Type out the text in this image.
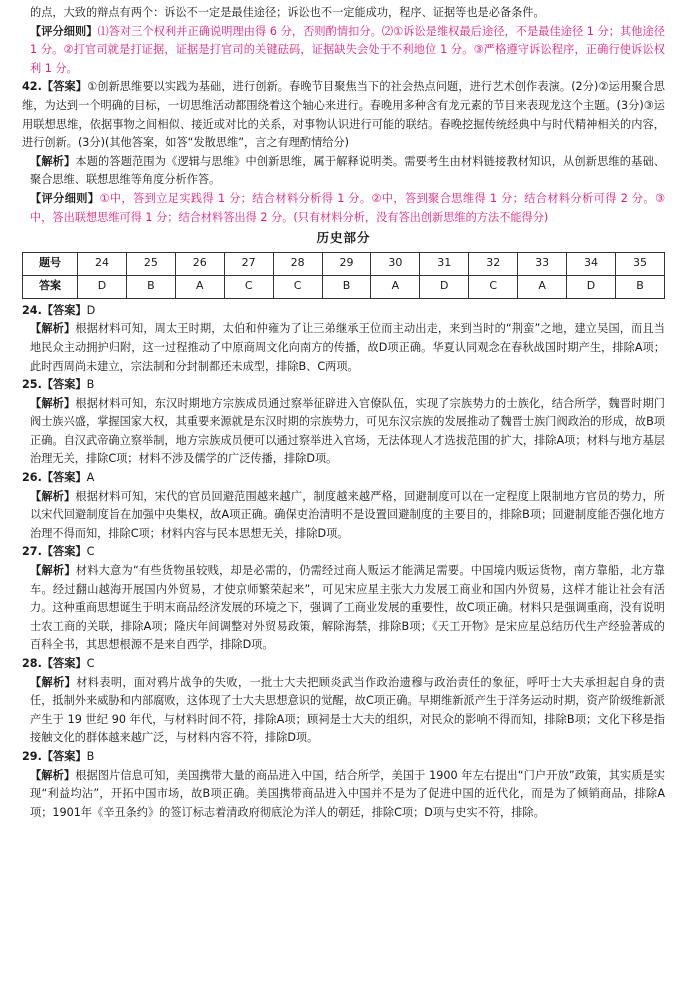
的点，大致的辩点有两个：诉讼不一定是最佳途径；诉讼也不一定能成功，程序、证据等也是必备条件。

【评分细则】⑴答对三个权利并正确说明理由得 6 分，否则酌情扣分。⑵①诉讼是维权最后途径，不是最佳途径 1 分；其他途径 1 分。②打官司就是打证据，证据是打官司的关键砝码，证据缺失会处于不利地位 1 分。③严格遵守诉讼程序，正确行使诉讼权利 1 分。

42.【答案】①创新思维要以实践为基础，进行创新。春晚节目聚焦当下的社会热点问题，进行艺术创作表演。(2分)②运用聚合思维，为达到一个明确的目标，一切思维活动都围绕着这个轴心来进行。春晚用多种含有龙元素的节目来表现龙这个主题。(3分)③运用联想思维，依据事物之间相似、接近或对比的关系，对事物认识进行可能的联结。春晚挖掘传统经典中与时代精神相关的内容，进行创新。(3分)(其他答案，如答“发散思维”，言之有理酌情给分)

【解析】本题的答题范围为《逻辑与思维》中创新思维，属于解释说明类。需要考生由材料链接教材知识，从创新思维的基础、聚合思维、联想思维等角度分析作答。

【评分细则】①中，答到立足实践得 1 分；结合材料分析得 1 分。②中，答到聚合思维得 1 分；结合材料分析可得 2 分。③中，答出联想思维可得 1 分；结合材料答出得 2 分。(只有材料分析，没有答出创新思维的方法不能得分)

历史部分
题号	24	25	26	27	28	29	30	31	32	33	34	35
答案	D	B	A	C	C	B	A	D	C	A	D	B

24.【答案】D

【解析】根据材料可知，周太王时期，太伯和仲雍为了让三弟继承王位而主动出走，来到当时的“荆蛮”之地，建立吴国，而且当地民众主动拥护归附，这一过程推动了中原商周文化向南方的传播，故D项正确。华夏认同观念在春秋战国时期产生，排除A项；此时西周尚未建立，宗法制和分封制都还未成型，排除B、C两项。

25.【答案】B

【解析】根据材料可知，东汉时期地方宗族成员通过察举征辟进入官僚队伍，实现了宗族势力的士族化，结合所学，魏晋时期门阀士族兴盛，掌握国家大权，其重要来源就是东汉时期的宗族势力，可见东汉宗族的发展推动了魏晋士族门阀政治的形成，故B项正确。自汉武帝确立察举制，地方宗族成员便可以通过察举进入官场，无法体现人才选拔范围的扩大，排除A项；材料与地方基层治理无关，排除C项；材料不涉及儒学的广泛传播，排除D项。

26.【答案】A

【解析】根据材料可知，宋代的官员回避范围越来越广，制度越来越严格，回避制度可以在一定程度上限制地方官员的势力，所以宋代回避制度旨在加强中央集权，故A项正确。确保吏治清明不是设置回避制度的主要目的，排除B项；回避制度能否强化地方治理不得而知，排除C项；材料内容与民本思想无关，排除D项。

27.【答案】C

【解析】材料大意为“有些货物虽较贱，却是必需的，仍需经过商人贩运才能满足需要。中国境内贩运货物，南方靠船，北方靠车。经过翻山越海开展国内外贸易，才使京师繁荣起来”，可见宋应星主张大力发展工商业和国内外贸易，这样才能让社会有活力。这种重商思想诞生于明末商品经济发展的环境之下，强调了工商业发展的重要性，故C项正确。材料只是强调重商，没有说明士农工商的关联，排除A项；隆庆年间调整对外贸易政策，解除海禁，排除B项；《天工开物》是宋应星总结历代生产经验著成的百科全书，其思想根源不是来自西学，排除D项。

28.【答案】C

【解析】材料表明，面对鸦片战争的失败，一批士大夫把顾炎武当作政治遗穆与政治责任的象征，呼吁士大夫承担起自身的责任，抵制外来威胁和内部腐败，这体现了士大夫思想意识的觉醒，故C项正确。早期维新派产生于洋务运动时期，资产阶级维新派产生于 19 世纪 90 年代，与材料时间不符，排除A项；顾祠是士大夫的组织，对民众的影响不得而知，排除B项；文化下移是指接触文化的群体越来越广泛，与材料内容不符，排除D项。

29.【答案】B

【解析】根据图片信息可知，美国携带大量的商品进入中国，结合所学，美国于 1900 年左右提出“门户开放”政策，其实质是实现“利益均沾”，开拓中国市场，故B项正确。美国携带商品进入中国并不是为了促进中国的近代化，而是为了倾销商品，排除A项；1901年《辛丑条约》的签订标志着清政府彻底沦为洋人的朝廷，排除C项；D项与史实不符，排除。
